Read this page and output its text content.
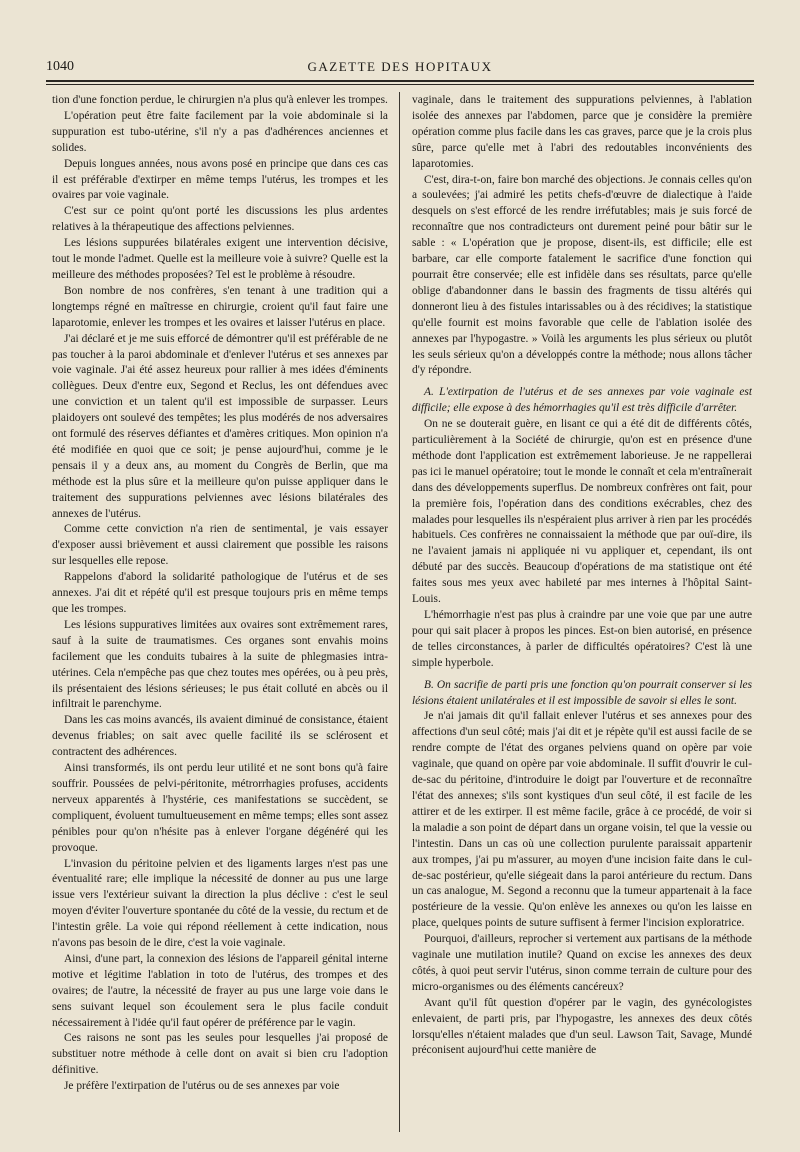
1040	GAZETTE DES HOPITAUX

tion d'une fonction perdue, le chirurgien n'a plus qu'à enlever les trompes.

L'opération peut être faite facilement par la voie abdominale si la suppuration est tubo-utérine, s'il n'y a pas d'adhérences anciennes et solides.

Depuis longues années, nous avons posé en principe que dans ces cas il est préférable d'extirper en même temps l'utérus, les trompes et les ovaires par voie vaginale.

C'est sur ce point qu'ont porté les discussions les plus ardentes relatives à la thérapeutique des affections pelviennes.

Les lésions suppurées bilatérales exigent une intervention décisive, tout le monde l'admet. Quelle est la meilleure voie à suivre? Quelle est la meilleure des méthodes proposées? Tel est le problème à résoudre.

Bon nombre de nos confrères, s'en tenant à une tradition qui a longtemps régné en maîtresse en chirurgie, croient qu'il faut faire une laparotomie, enlever les trompes et les ovaires et laisser l'utérus en place.

J'ai déclaré et je me suis efforcé de démontrer qu'il est préférable de ne pas toucher à la paroi abdominale et d'enlever l'utérus et ses annexes par voie vaginale. J'ai été assez heureux pour rallier à mes idées d'éminents collègues. Deux d'entre eux, Segond et Reclus, les ont défendues avec une conviction et un talent qu'il est impossible de surpasser. Leurs plaidoyers ont soulevé des tempêtes; les plus modérés de nos adversaires ont formulé des réserves défiantes et d'amères critiques. Mon opinion n'a été modifiée en quoi que ce soit; je pense aujourd'hui, comme je le pensais il y a deux ans, au moment du Congrès de Berlin, que ma méthode est la plus sûre et la meilleure qu'on puisse appliquer dans le traitement des suppurations pelviennes avec lésions bilatérales des annexes de l'utérus.

Comme cette conviction n'a rien de sentimental, je vais essayer d'exposer aussi brièvement et aussi clairement que possible les raisons sur lesquelles elle repose.

Rappelons d'abord la solidarité pathologique de l'utérus et de ses annexes. J'ai dit et répété qu'il est presque toujours pris en même temps que les trompes.

Les lésions suppuratives limitées aux ovaires sont extrêmement rares, sauf à la suite de traumatismes. Ces organes sont envahis moins facilement que les conduits tubaires à la suite de phlegmasies intra-utérines. Cela n'empêche pas que chez toutes mes opérées, ou à peu près, ils présentaient des lésions sérieuses; le pus était colluté en abcès ou il infiltrait le parenchyme.

Dans les cas moins avancés, ils avaient diminué de consistance, étaient devenus friables; on sait avec quelle facilité ils se sclérosent et contractent des adhérences.

Ainsi transformés, ils ont perdu leur utilité et ne sont bons qu'à faire souffrir. Poussées de pelvi-péritonite, métrorrhagies profuses, accidents nerveux apparentés à l'hystérie, ces manifestations se succèdent, se compliquent, évoluent tumultueusement en même temps; elles sont assez pénibles pour qu'on n'hésite pas à enlever l'organe dégénéré qui les provoque.

L'invasion du péritoine pelvien et des ligaments larges n'est pas une éventualité rare; elle implique la nécessité de donner au pus une large issue vers l'extérieur suivant la direction la plus déclive : c'est le seul moyen d'éviter l'ouverture spontanée du côté de la vessie, du rectum et de l'intestin grêle. La voie qui répond réellement à cette indication, nous n'avons pas besoin de le dire, c'est la voie vaginale.

Ainsi, d'une part, la connexion des lésions de l'appareil génital interne motive et légitime l'ablation in toto de l'utérus, des trompes et des ovaires; de l'autre, la nécessité de frayer au pus une large voie dans le sens suivant lequel son écoulement sera le plus facile conduit nécessairement à l'idée qu'il faut opérer de préférence par le vagin.

Ces raisons ne sont pas les seules pour lesquelles j'ai proposé de substituer notre méthode à celle dont on avait si bien cru l'adoption définitive.

Je préfère l'extirpation de l'utérus ou de ses annexes par voie

vaginale, dans le traitement des suppurations pelviennes, à l'ablation isolée des annexes par l'abdomen, parce que je considère la première opération comme plus facile dans les cas graves, parce que je la crois plus sûre, parce qu'elle met à l'abri des redoutables inconvénients des laparotomies.

C'est, dira-t-on, faire bon marché des objections. Je connais celles qu'on a soulevées; j'ai admiré les petits chefs-d'œuvre de dialectique à l'aide desquels on s'est efforcé de les rendre irréfutables; mais je suis forcé de reconnaître que nos contradicteurs ont durement peiné pour bâtir sur le sable : « L'opération que je propose, disent-ils, est difficile; elle est barbare, car elle comporte fatalement le sacrifice d'une fonction qui pourrait être conservée; elle est infidèle dans ses résultats, parce qu'elle oblige d'abandonner dans le bassin des fragments de tissu altérés qui donneront lieu à des fistules intarissables ou à des récidives; la statistique qu'elle fournit est moins favorable que celle de l'ablation isolée des annexes par l'hypogastre. » Voilà les arguments les plus sérieux ou plutôt les seuls sérieux qu'on a développés contre la méthode; nous allons tâcher d'y répondre.

A. L'extirpation de l'utérus et de ses annexes par voie vaginale est difficile; elle expose à des hémorrhagies qu'il est très difficile d'arrêter.

On ne se douterait guère, en lisant ce qui a été dit de différents côtés, particulièrement à la Société de chirurgie, qu'on est en présence d'une méthode dont l'application est extrêmement laborieuse. Je ne rappellerai pas ici le manuel opératoire; tout le monde le connaît et cela m'entraînerait dans des développements superflus. De nombreux confrères ont fait, pour la première fois, l'opération dans des conditions exécrables, chez des malades pour lesquelles ils n'espéraient plus arriver à rien par les procédés habituels. Ces confrères ne connaissaient la méthode que par ouï-dire, ils ne l'avaient jamais ni appliquée ni vu appliquer et, cependant, ils ont débuté par des succès. Beaucoup d'opérations de ma statistique ont été faites sous mes yeux avec habileté par mes internes à l'hôpital Saint-Louis.

L'hémorrhagie n'est pas plus à craindre par une voie que par une autre pour qui sait placer à propos les pinces. Est-on bien autorisé, en présence de telles circonstances, à parler de difficultés opératoires? C'est là une simple hyperbole.

B. On sacrifie de parti pris une fonction qu'on pourrait conserver si les lésions étaient unilatérales et il est impossible de savoir si elles le sont.

Je n'ai jamais dit qu'il fallait enlever l'utérus et ses annexes pour des affections d'un seul côté; mais j'ai dit et je répète qu'il est aussi facile de se rendre compte de l'état des organes pelviens quand on opère par voie vaginale, que quand on opère par voie abdominale. Il suffit d'ouvrir le cul-de-sac du péritoine, d'introduire le doigt par l'ouverture et de reconnaître l'état des annexes; s'ils sont kystiques d'un seul côté, il est facile de les attirer et de les extirper. Il est même facile, grâce à ce procédé, de voir si la maladie a son point de départ dans un organe voisin, tel que la vessie ou l'intestin. Dans un cas où une collection purulente paraissait appartenir aux trompes, j'ai pu m'assurer, au moyen d'une incision faite dans le cul-de-sac postérieur, qu'elle siégeait dans la paroi antérieure du rectum. Dans un cas analogue, M. Segond a reconnu que la tumeur appartenait à la face postérieure de la vessie. Qu'on enlève les annexes ou qu'on les laisse en place, quelques points de suture suffisent à fermer l'incision exploratrice.

Pourquoi, d'ailleurs, reprocher si vertement aux partisans de la méthode vaginale une mutilation inutile? Quand on excise les annexes des deux côtés, à quoi peut servir l'utérus, sinon comme terrain de culture pour des micro-organismes ou des éléments cancéreux?

Avant qu'il fût question d'opérer par le vagin, des gynécologistes enlevaient, de parti pris, par l'hypogastre, les annexes des deux côtés lorsqu'elles n'étaient malades que d'un seul. Lawson Tait, Savage, Mundé préconisent aujourd'hui cette manière de
